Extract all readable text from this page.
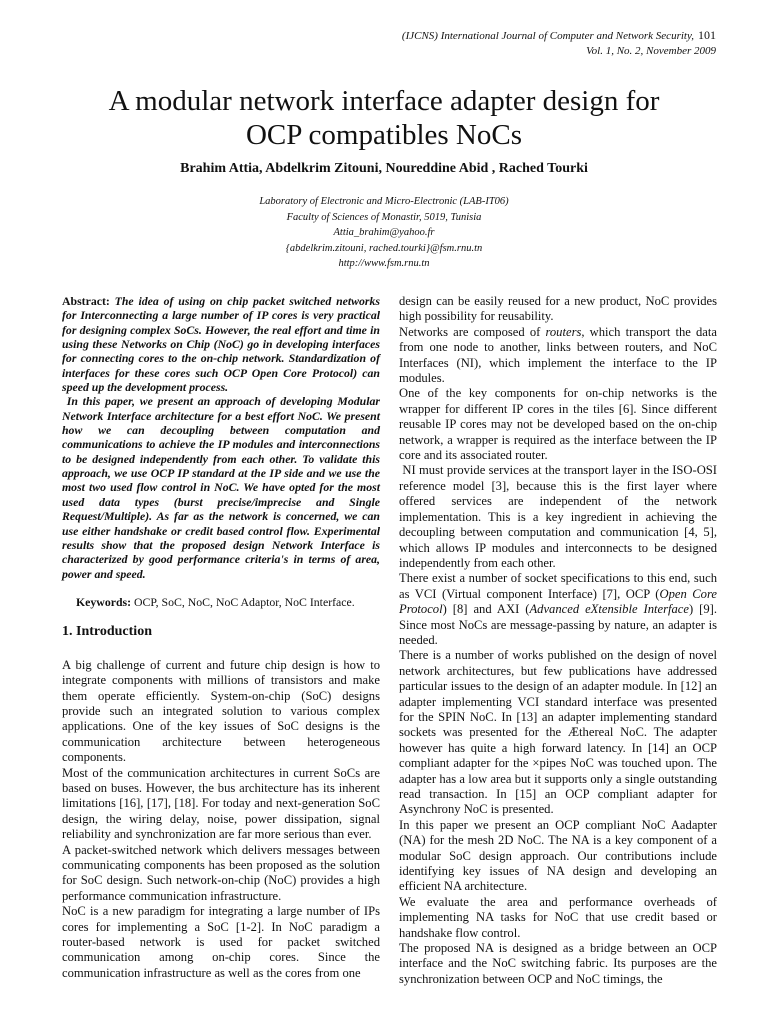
(IJCNS) International Journal of Computer and Network Security, 101
Vol. 1, No. 2, November 2009
A modular network interface adapter design for
OCP compatibles NoCs
Brahim Attia, Abdelkrim Zitouni, Noureddine Abid , Rached Tourki
Laboratory of Electronic and Micro-Electronic (LAB-IT06)
Faculty of Sciences of Monastir, 5019, Tunisia
Attia_brahim@yahoo.fr
{abdelkrim.zitouni, rached.tourki}@fsm.rnu.tn
http://www.fsm.rnu.tn

Abstract: The idea of using on chip packet switched networks for Interconnecting a large number of IP cores is very practical for designing complex SoCs. However, the real effort and time in using these Networks on Chip (NoC) go in developing interfaces for connecting cores to the on-chip network. Standardization of interfaces for these cores such OCP Open Core Protocol) can speed up the development process.

In this paper, we present an approach of developing Modular Network Interface architecture for a best effort NoC. We present how we can decoupling between computation and communications to achieve the IP modules and interconnections to be designed independently from each other. To validate this approach, we use OCP IP standard at the IP side and we use the most two used flow control in NoC. We have opted for the most used data types (burst precise/imprecise and Single Request/Multiple). As far as the network is concerned, we can use either handshake or credit based control flow. Experimental results show that the proposed design Network Interface is characterized by good performance criteria's in terms of area, power and speed.

Keywords: OCP, SoC, NoC, NoC Adaptor, NoC Interface.

1. Introduction

A big challenge of current and future chip design is how to integrate components with millions of transistors and make them operate efficiently. System-on-chip (SoC) designs provide such an integrated solution to various complex applications. One of the key issues of SoC designs is the communication architecture between heterogeneous components.

Most of the communication architectures in current SoCs are based on buses. However, the bus architecture has its inherent limitations [16], [17], [18]. For today and next-generation SoC design, the wiring delay, noise, power dissipation, signal reliability and synchronization are far more serious than ever.

A packet-switched network which delivers messages between communicating components has been proposed as the solution for SoC design. Such network-on-chip (NoC) provides a high performance communication infrastructure.

NoC is a new paradigm for integrating a large number of IPs cores for implementing a SoC [1-2]. In NoC paradigm a router-based network is used for packet switched communication among on-chip cores. Since the communication infrastructure as well as the cores from one

design can be easily reused for a new product, NoC provides high possibility for reusability.

Networks are composed of routers, which transport the data from one node to another, links between routers, and NoC Interfaces (NI), which implement the interface to the IP modules.

One of the key components for on-chip networks is the wrapper for different IP cores in the tiles [6]. Since different reusable IP cores may not be developed based on the on-chip network, a wrapper is required as the interface between the IP core and its associated router.

NI must provide services at the transport layer in the ISO-OSI reference model [3], because this is the first layer where offered services are independent of the network implementation. This is a key ingredient in achieving the decoupling between computation and communication [4, 5], which allows IP modules and interconnects to be designed independently from each other.

There exist a number of socket specifications to this end, such as VCI (Virtual component Interface) [7], OCP (Open Core Protocol) [8] and AXI (Advanced eXtensible Interface) [9]. Since most NoCs are message-passing by nature, an adapter is needed.

There is a number of works published on the design of novel network architectures, but few publications have addressed particular issues to the design of an adapter module. In [12] an adapter implementing VCI standard interface was presented for the SPIN NoC. In [13] an adapter implementing standard sockets was presented for the Æthereal NoC. The adapter however has quite a high forward latency. In [14] an OCP compliant adapter for the ×pipes NoC was touched upon. The adapter has a low area but it supports only a single outstanding read transaction. In [15] an OCP compliant adapter for Asynchrony NoC is presented.

In this paper we present an OCP compliant NoC Aadapter (NA) for the mesh 2D NoC. The NA is a key component of a modular SoC design approach. Our contributions include identifying key issues of NA design and developing an efficient NA architecture.

We evaluate the area and performance overheads of implementing NA tasks for NoC that use credit based or handshake flow control.

The proposed NA is designed as a bridge between an OCP interface and the NoC switching fabric. Its purposes are the synchronization between OCP and NoC timings, the
